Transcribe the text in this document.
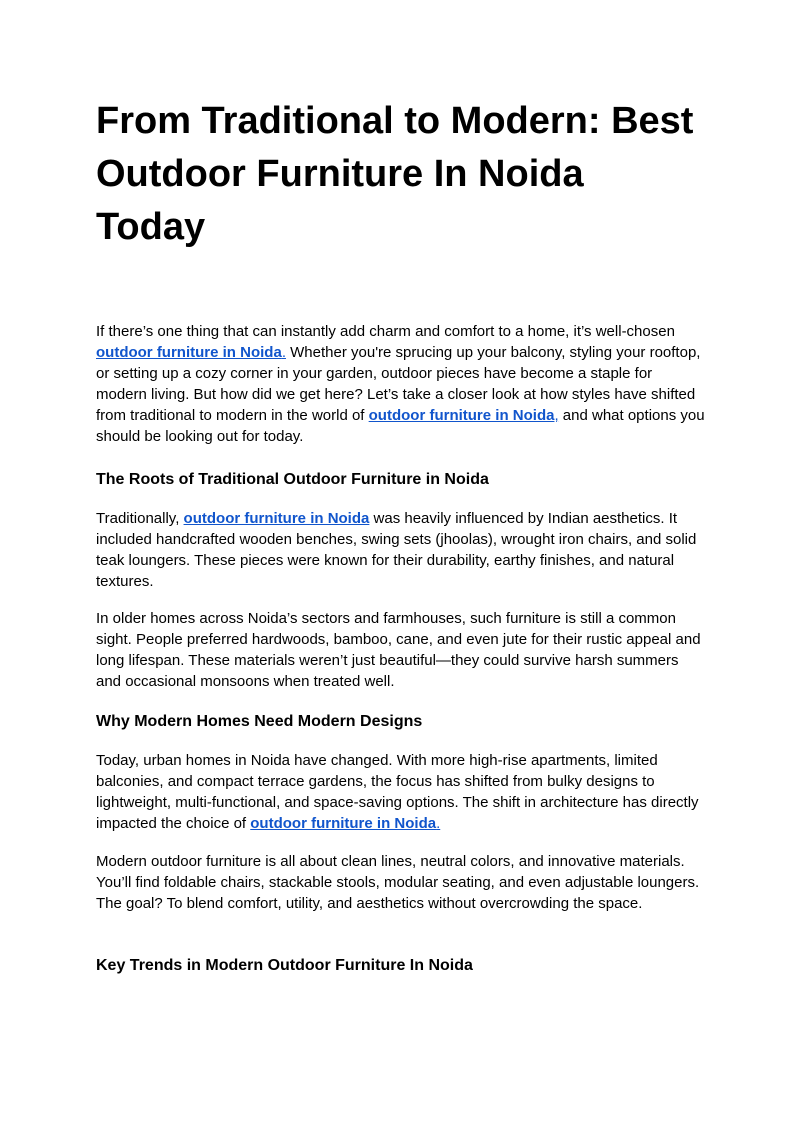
From Traditional to Modern: Best Outdoor Furniture In Noida Today

If there’s one thing that can instantly add charm and comfort to a home, it’s well-chosen outdoor furniture in Noida. Whether you're sprucing up your balcony, styling your rooftop, or setting up a cozy corner in your garden, outdoor pieces have become a staple for modern living. But how did we get here? Let’s take a closer look at how styles have shifted from traditional to modern in the world of outdoor furniture in Noida, and what options you should be looking out for today.

The Roots of Traditional Outdoor Furniture in Noida

Traditionally, outdoor furniture in Noida was heavily influenced by Indian aesthetics. It included handcrafted wooden benches, swing sets (jhoolas), wrought iron chairs, and solid teak loungers. These pieces were known for their durability, earthy finishes, and natural textures.

In older homes across Noida’s sectors and farmhouses, such furniture is still a common sight. People preferred hardwoods, bamboo, cane, and even jute for their rustic appeal and long lifespan. These materials weren’t just beautiful—they could survive harsh summers and occasional monsoons when treated well.

Why Modern Homes Need Modern Designs

Today, urban homes in Noida have changed. With more high-rise apartments, limited balconies, and compact terrace gardens, the focus has shifted from bulky designs to lightweight, multi-functional, and space-saving options. The shift in architecture has directly impacted the choice of outdoor furniture in Noida.

Modern outdoor furniture is all about clean lines, neutral colors, and innovative materials. You’ll find foldable chairs, stackable stools, modular seating, and even adjustable loungers. The goal? To blend comfort, utility, and aesthetics without overcrowding the space.

Key Trends in Modern Outdoor Furniture In Noida
